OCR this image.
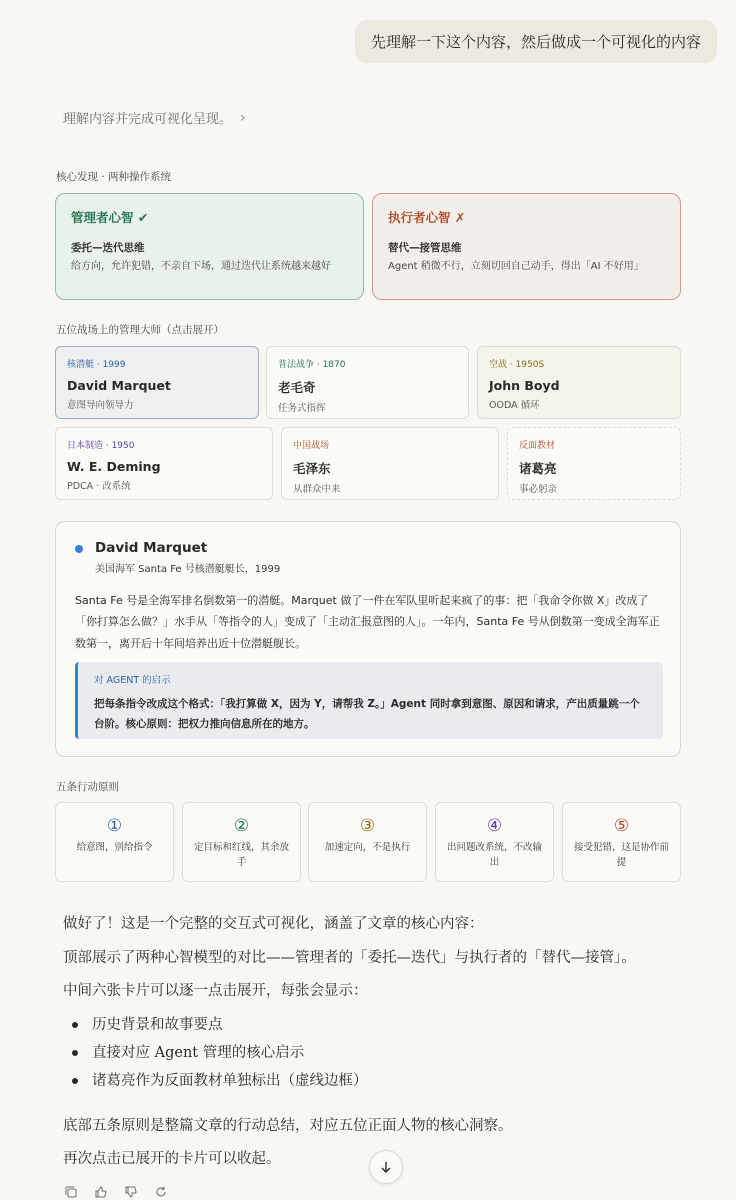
先理解一下这个内容，然后做成一个可视化的内容
理解内容并完成可视化呈现。 ›
核心发现 · 两种操作系统
管理者心智 ✔
委托—迭代思维
给方向，允许犯错，不亲自下场，通过迭代让系统越来越好
执行者心智 ✗
替代—接管思维
Agent 稍微不行，立刻切回自己动手，得出「AI 不好用」
五位战场上的管理大师（点击展开）
核潜艇 · 1999
David Marquet
意图导向领导力
普法战争 · 1870
老毛奇
任务式指挥
空战 · 1950S
John Boyd
OODA 循环
日本制造 · 1950
W. E. Deming
PDCA · 改系统
中国战场
毛泽东
从群众中来
反面教材
诸葛亮
事必躬亲
David Marquet
美国海军 Santa Fe 号核潜艇艇长，1999
Santa Fe 号是全海军排名倒数第一的潜艇。Marquet 做了一件在军队里听起来疯了的事：把「我命令你做 X」改成了「你打算怎么做？」水手从「等指令的人」变成了「主动汇报意图的人」。一年内，Santa Fe 号从倒数第一变成全海军正数第一，离开后十年间培养出近十位潜艇舰长。
对 AGENT 的启示
把每条指令改成这个格式：「我打算做 X，因为 Y，请帮我 Z。」Agent 同时拿到意图、原因和请求，产出质量跳一个台阶。核心原则：把权力推向信息所在的地方。
五条行动原则
①
给意图，别给指令
②
定目标和红线，其余放手
③
加速定向，不是执行
④
出问题改系统，不改输出
⑤
接受犯错，这是协作前提
做好了！这是一个完整的交互式可视化，涵盖了文章的核心内容：
顶部展示了两种心智模型的对比——管理者的「委托—迭代」与执行者的「替代—接管」。
中间六张卡片可以逐一点击展开，每张会显示：
历史背景和故事要点
直接对应 Agent 管理的核心启示
诸葛亮作为反面教材单独标出（虚线边框）
底部五条原则是整篇文章的行动总结，对应五位正面人物的核心洞察。
再次点击已展开的卡片可以收起。
